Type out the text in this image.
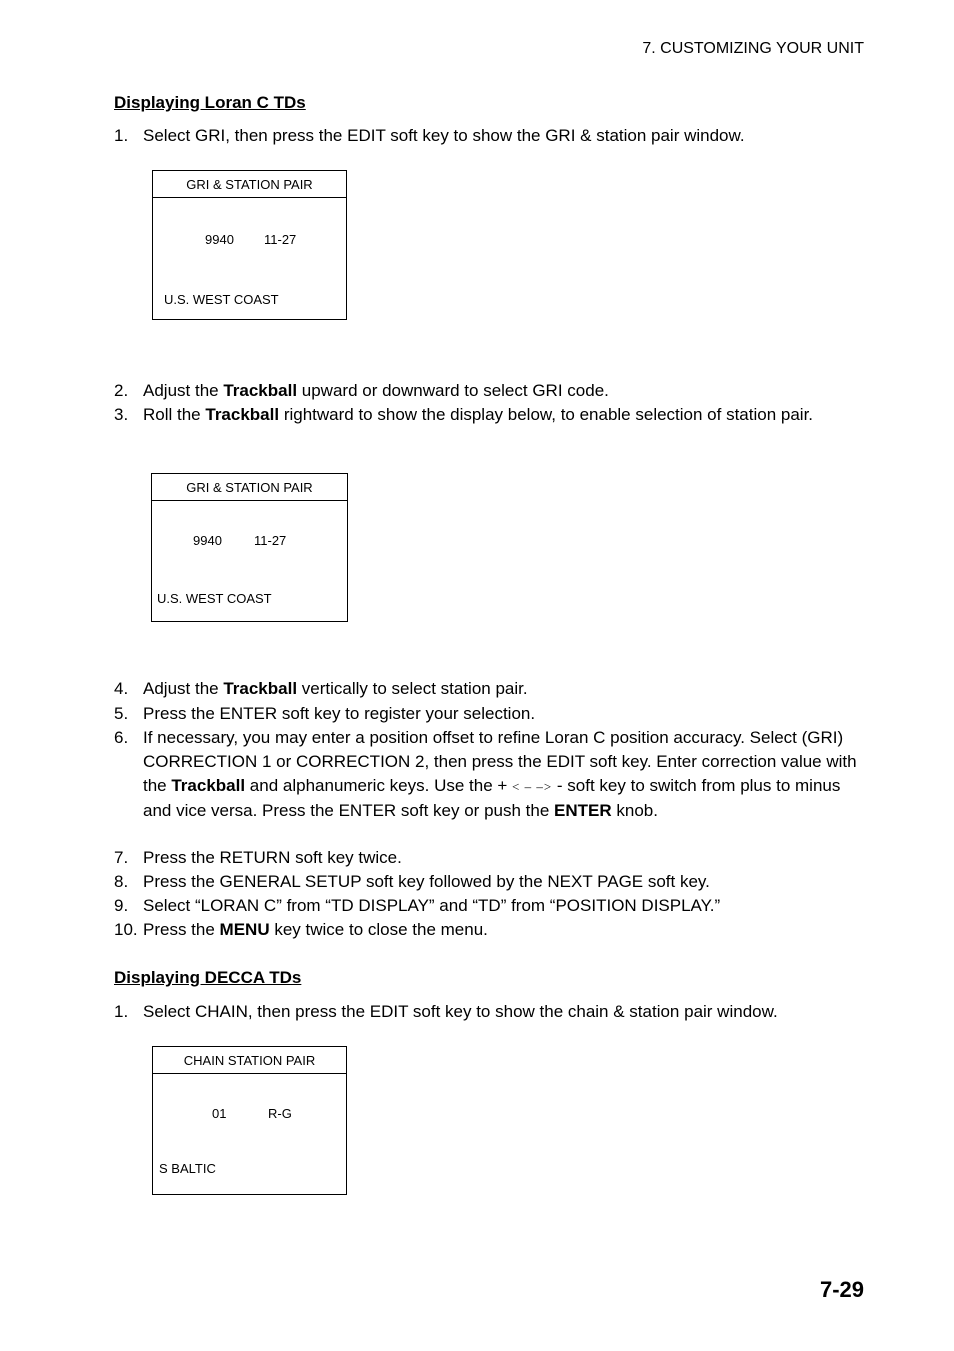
7. CUSTOMIZING YOUR UNIT
Displaying Loran C TDs
1. Select GRI, then press the EDIT soft key to show the GRI & station pair window.
GRI & STATION PAIR
9940 11-27
U.S. WEST COAST
2. Adjust the Trackball upward or downward to select GRI code.
3. Roll the Trackball rightward to show the display below, to enable selection of station pair.
GRI & STATION PAIR
9940 11-27
U.S. WEST COAST
4. Adjust the Trackball vertically to select station pair.
5. Press the ENTER soft key to register your selection.
6. If necessary, you may enter a position offset to refine Loran C position accuracy. Select (GRI) CORRECTION 1 or CORRECTION 2, then press the EDIT soft key. Enter correction value with the Trackball and alphanumeric keys. Use the + < – –> - soft key to switch from plus to minus and vice versa. Press the ENTER soft key or push the ENTER knob.
7. Press the RETURN soft key twice.
8. Press the GENERAL SETUP soft key followed by the NEXT PAGE soft key.
9. Select “LORAN C” from “TD DISPLAY” and “TD” from “POSITION DISPLAY.”
10. Press the MENU key twice to close the menu.
Displaying DECCA TDs
1. Select CHAIN, then press the EDIT soft key to show the chain & station pair window.
CHAIN STATION PAIR
01	R-G
S BALTIC
7-29
